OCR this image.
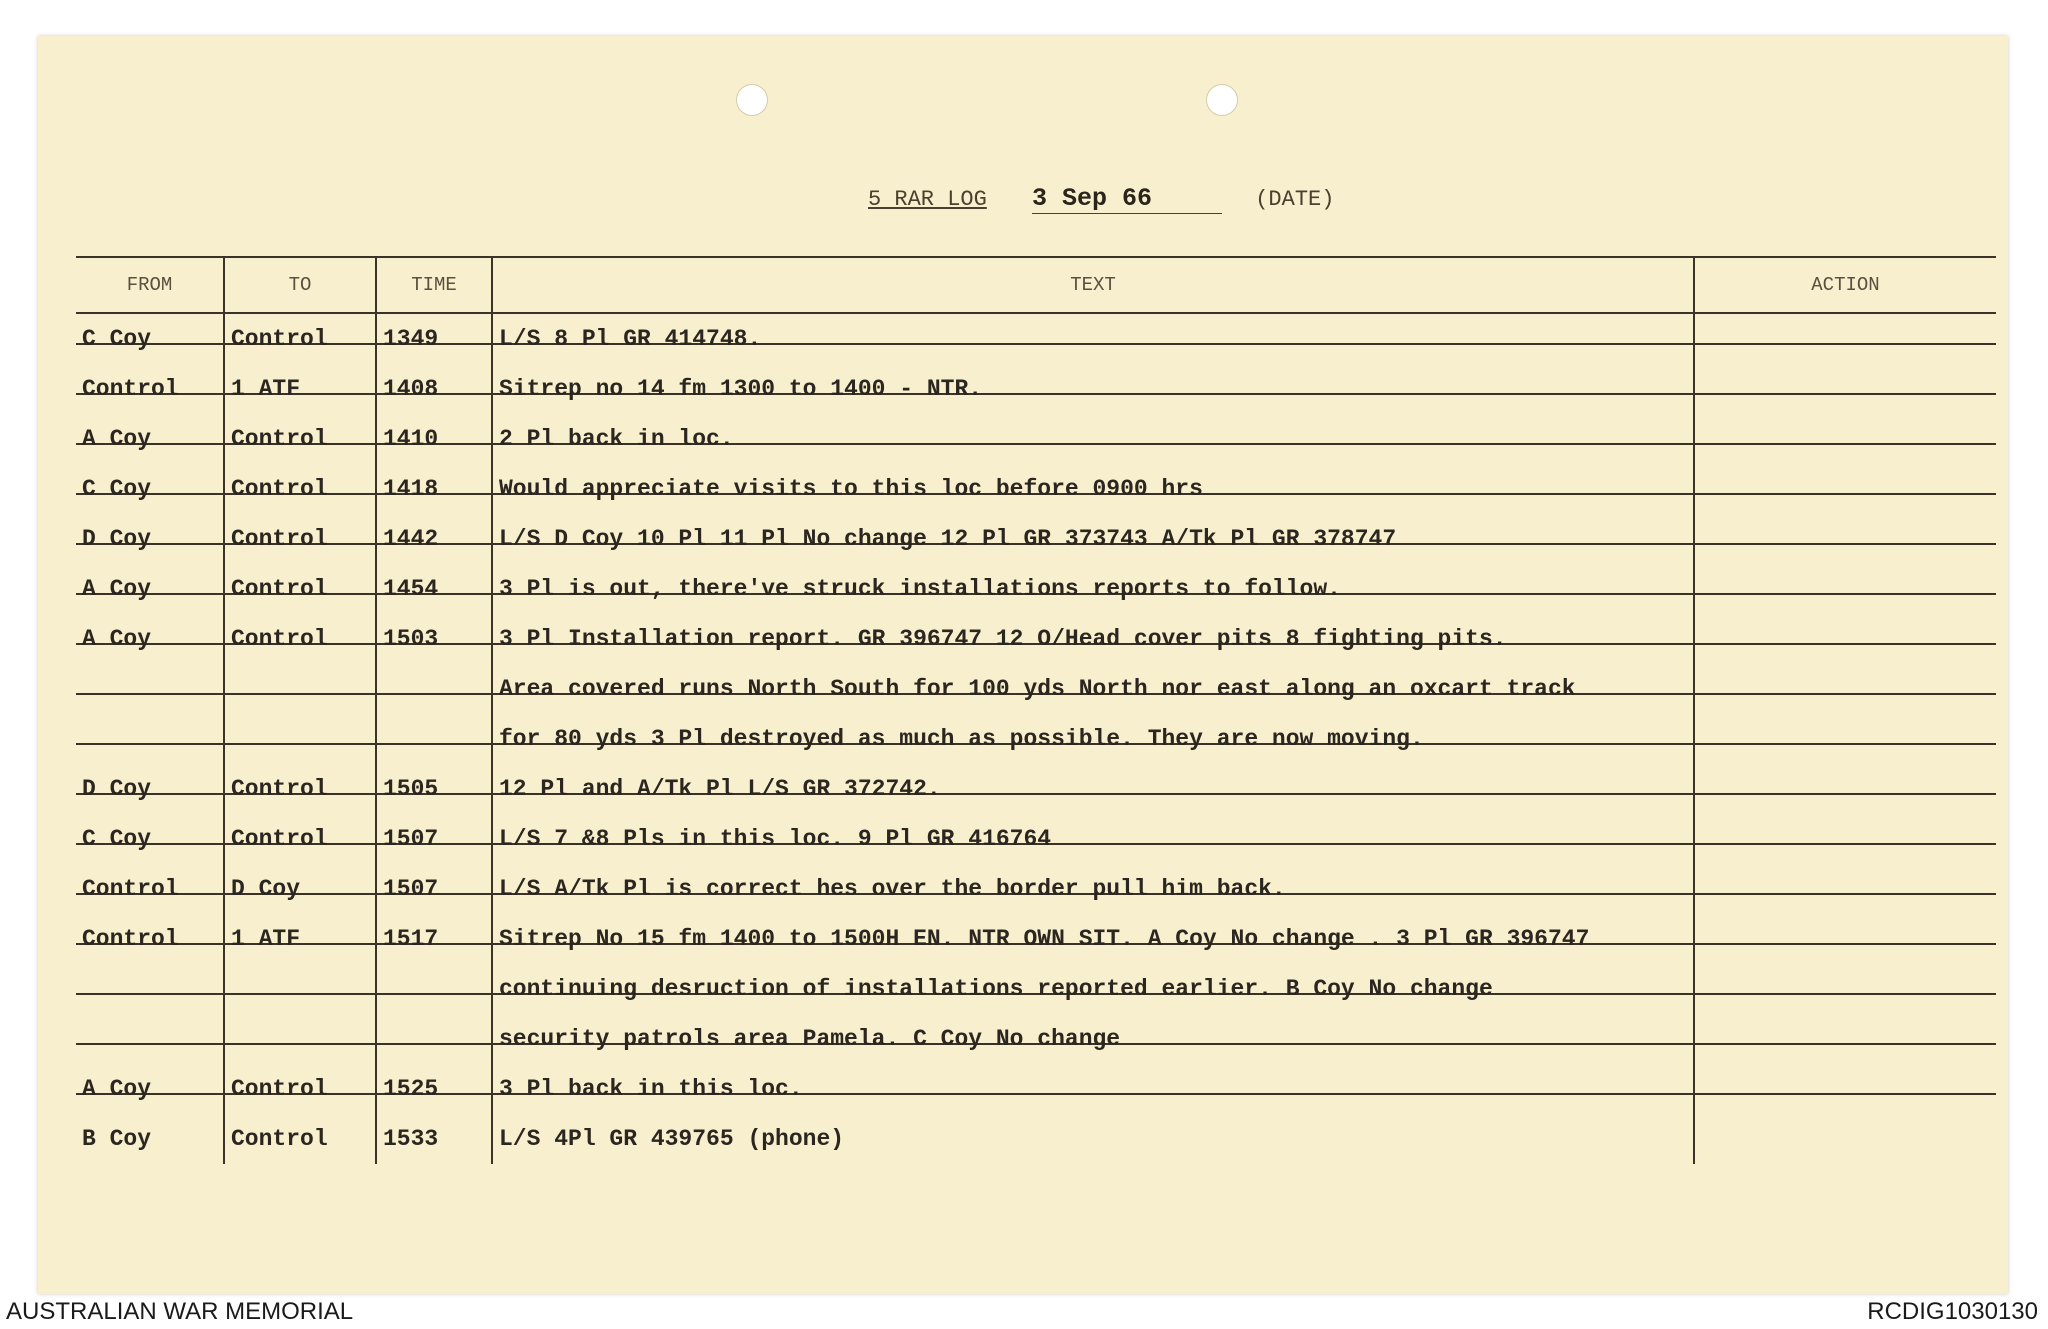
5 RAR LOG 3 Sep 66	(DATE)
FROM	TO	TIME	TEXT	ACTION
C Coy	Control	1349	L/S 8 Pl GR 414748.	
Control	1 ATF	1408	Sitrep no 14 fm 1300 to 1400 - NTR.	
A Coy	Control	1410	2 Pl back in loc.	
C Coy	Control	1418	Would appreciate visits to this loc before 0900 hrs	
D Coy	Control	1442	L/S D Coy 10 Pl 11 Pl No change 12 Pl GR 373743 A/Tk Pl GR 378747	
A Coy	Control	1454	3 Pl is out, there've struck installations reports to follow.	
A Coy	Control	1503	3 Pl Installation report. GR 396747 12 O/Head cover pits 8 fighting pits.	
			Area covered runs North South for 100 yds North nor east along an oxcart track	
			for 80 yds 3 Pl destroyed as much as possible. They are now moving.	
D Coy	Control	1505	12 Pl and A/Tk Pl L/S GR 372742.	
C Coy	Control	1507	L/S 7 &8 Pls in this loc. 9 Pl GR 416764	
Control	D Coy	1507	L/S A/Tk Pl is correct hes over the border pull him back.	
Control	1 ATF	1517	Sitrep No 15 fm 1400 to 1500H EN. NTR OWN SIT. A Coy No change . 3 Pl GR 396747	
			continuing desruction of installations reported earlier. B Coy No change	
			security patrols area Pamela. C Coy No change	
A Coy	Control	1525	3 Pl back in this loc.	
B Coy	Control	1533	L/S 4Pl GR 439765 (phone)	
AUSTRALIAN WAR MEMORIAL	RCDIG1030130
